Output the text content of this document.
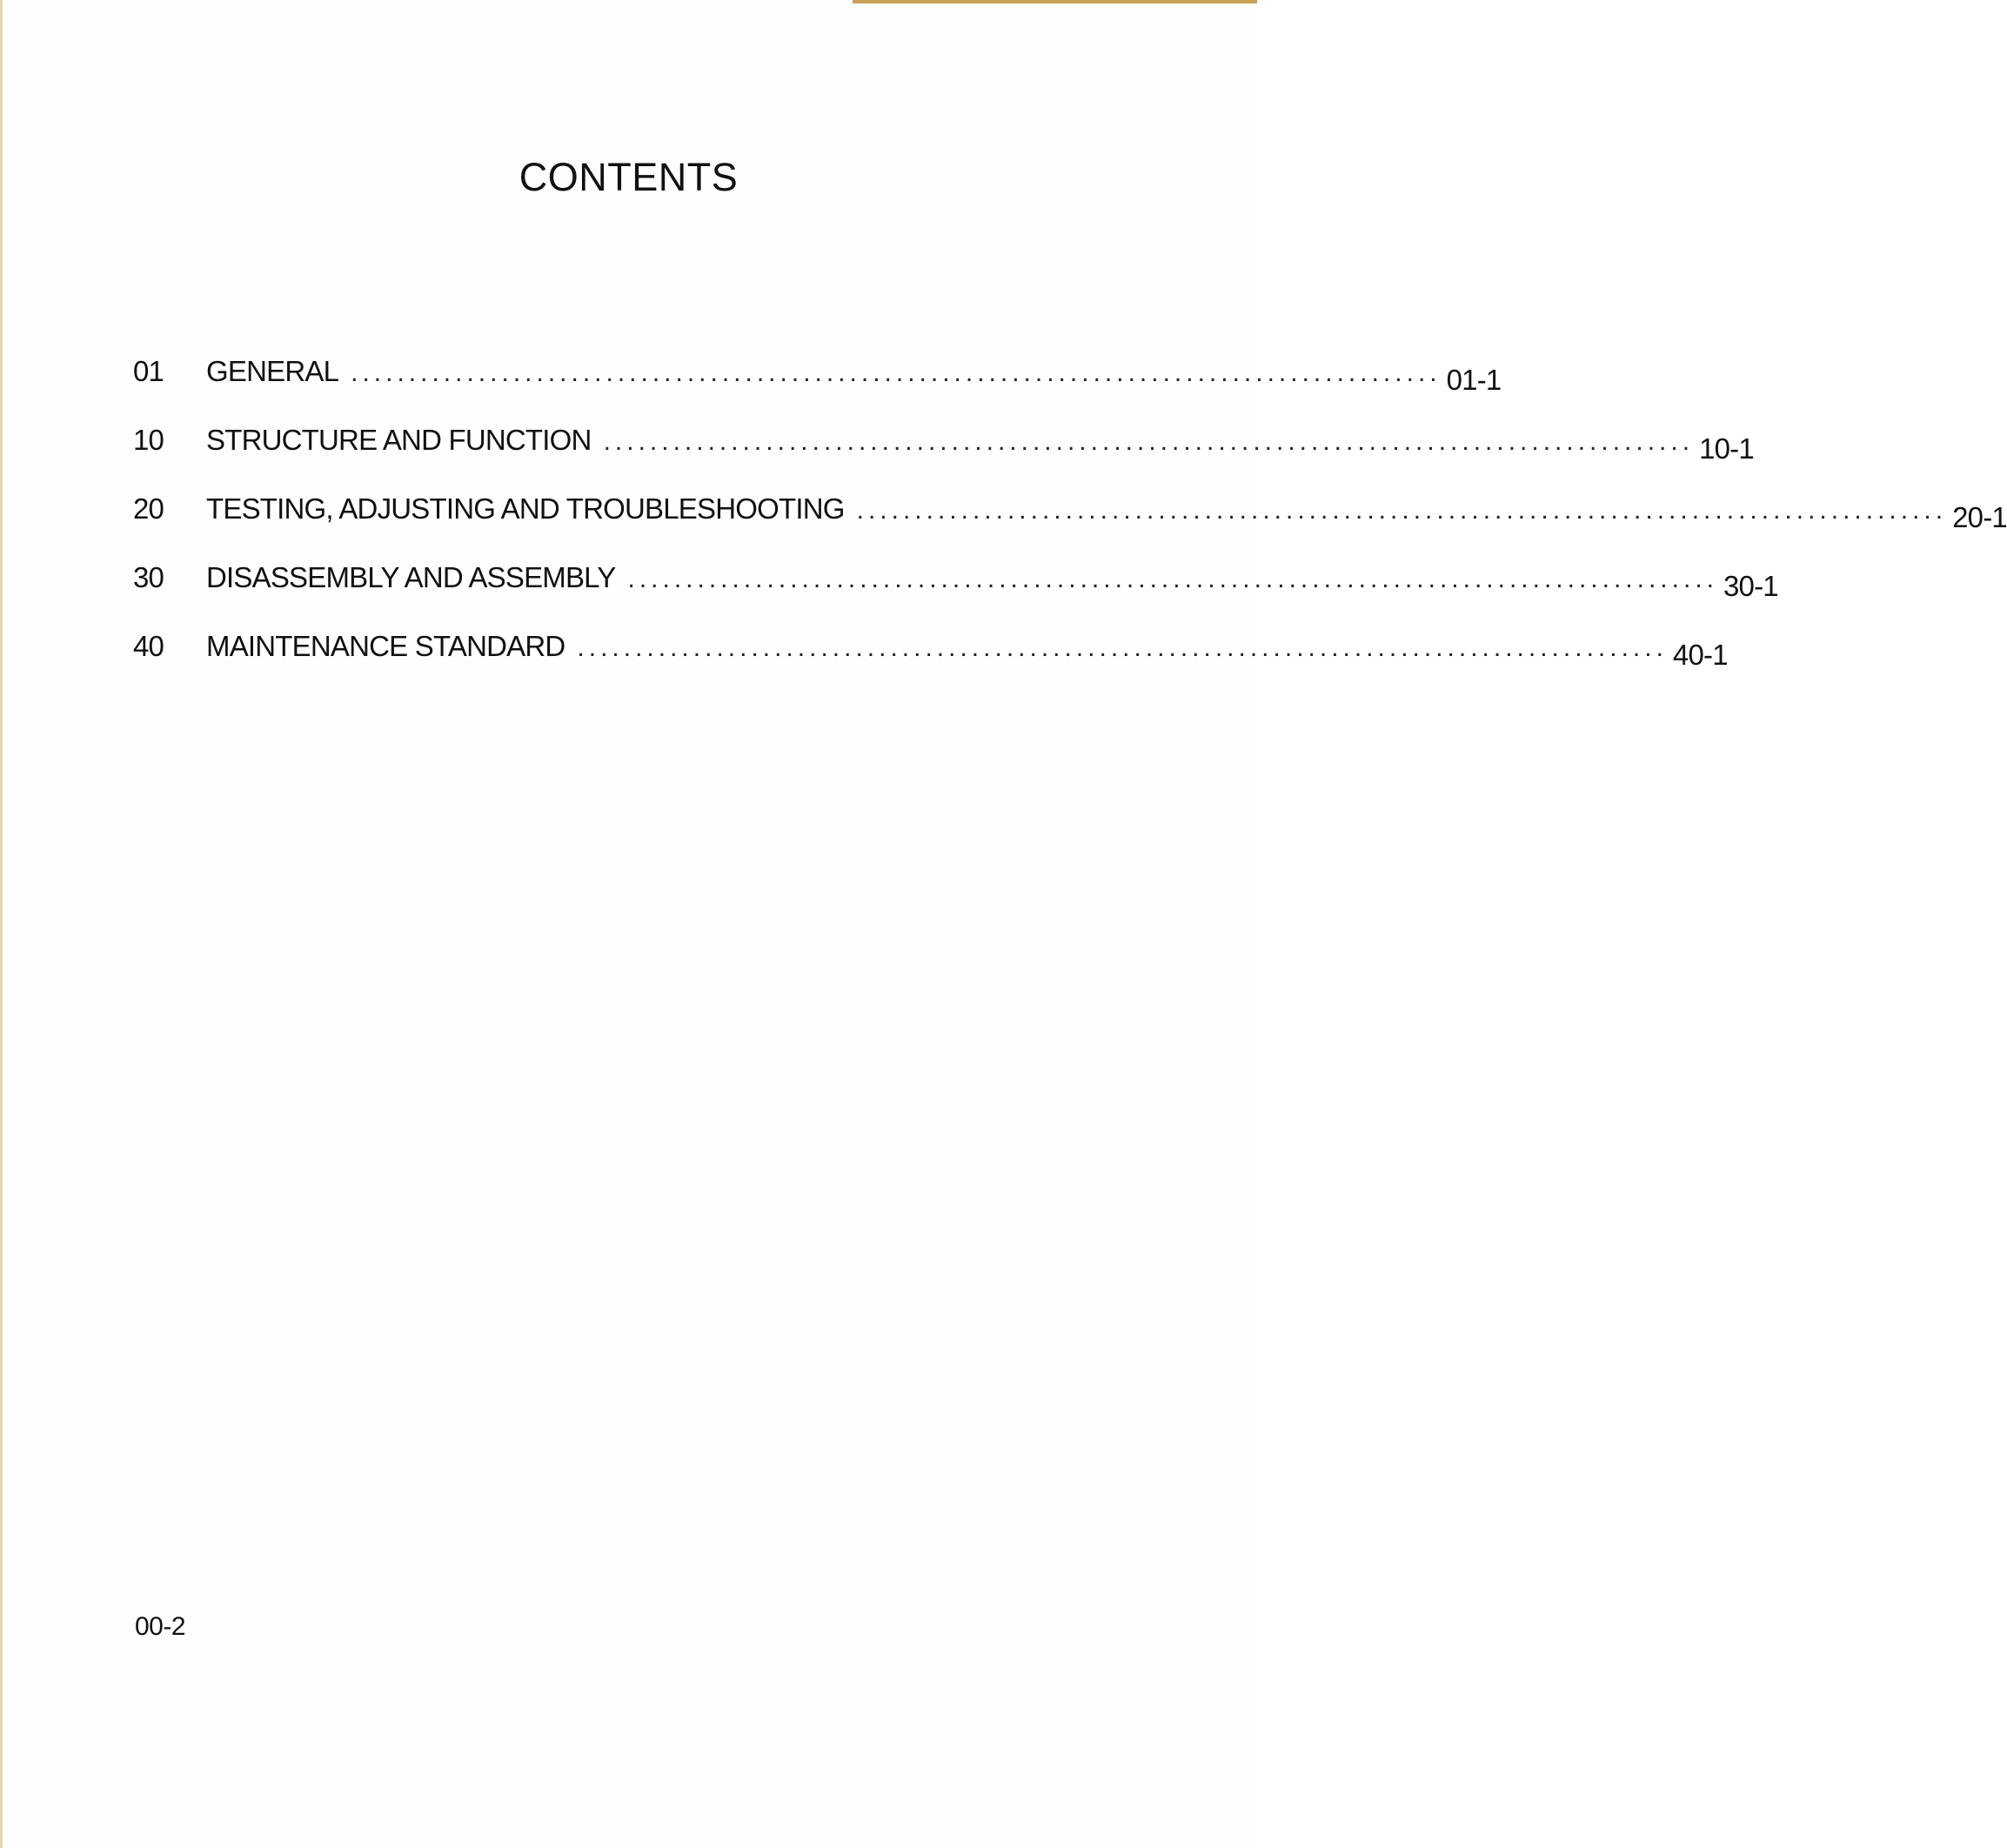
CONTENTS
01	GENERAL .............................................................................................. 01-1
10	STRUCTURE AND FUNCTION .............................................................................................. 10-1
20	TESTING, ADJUSTING AND TROUBLESHOOTING .............................................................................................. 20-1
30	DISASSEMBLY AND ASSEMBLY .............................................................................................. 30-1
40	MAINTENANCE STANDARD .............................................................................................. 40-1
00-2
